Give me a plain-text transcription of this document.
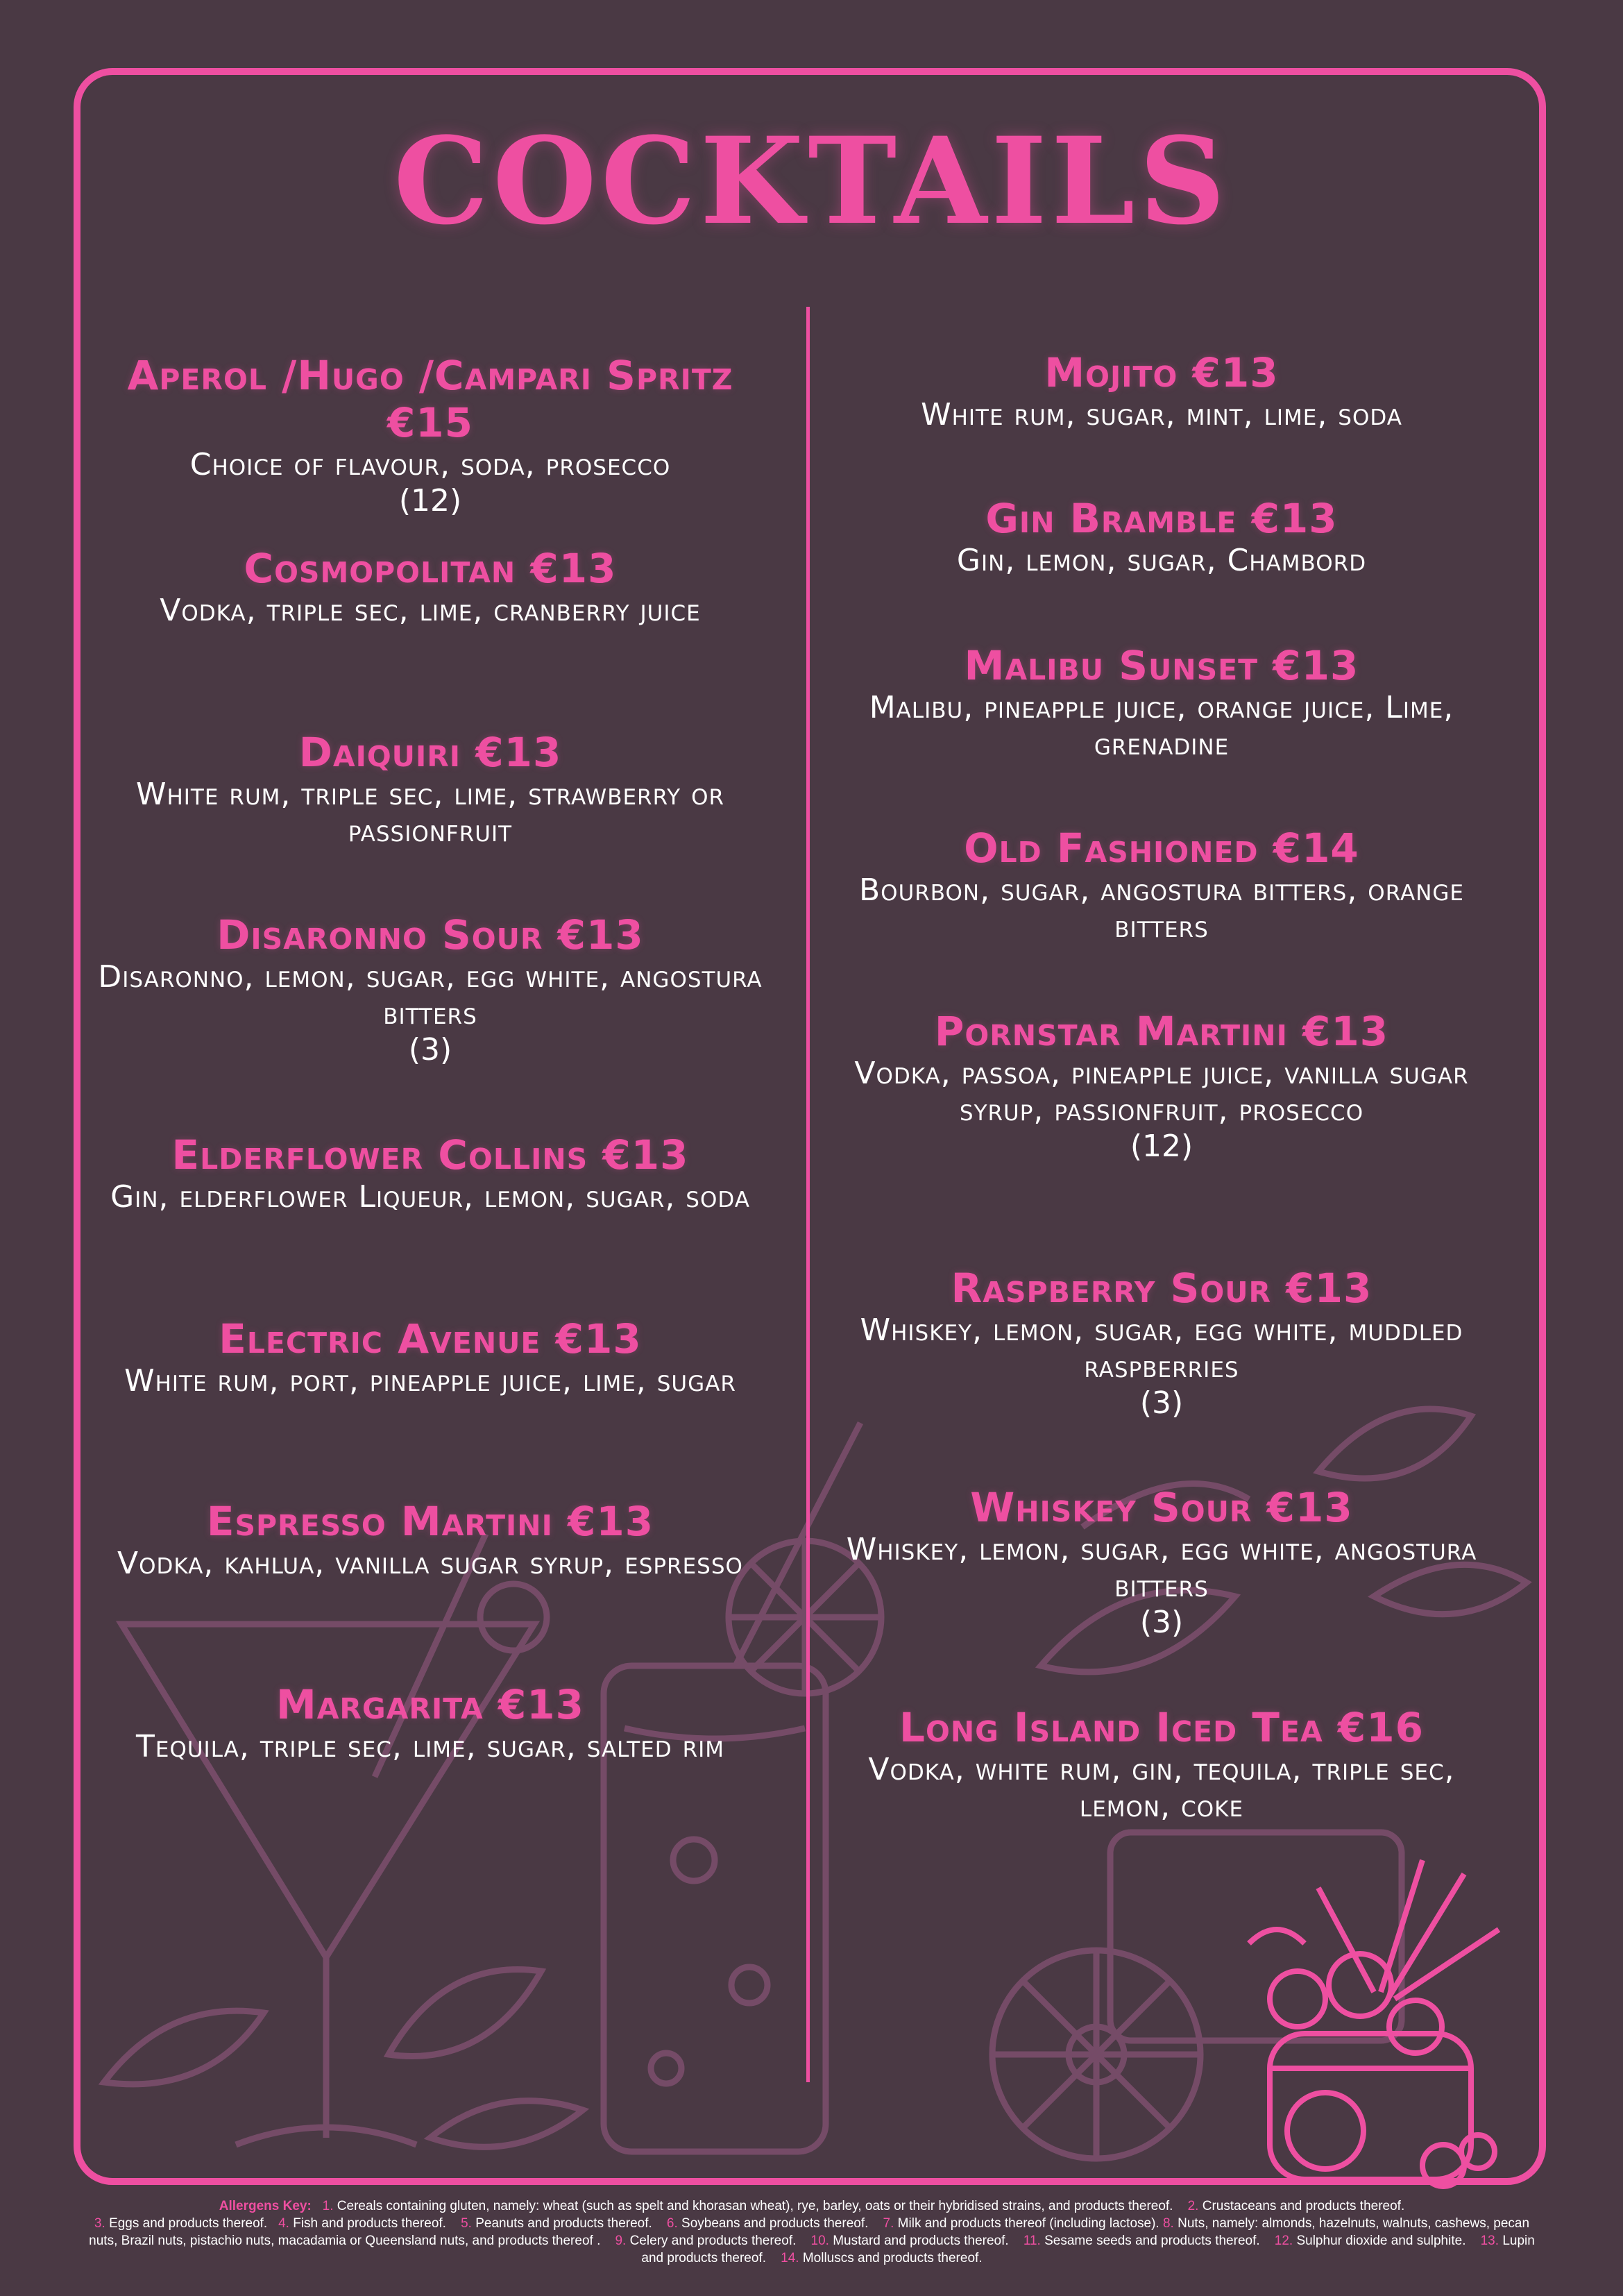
COCKTAILS
Aperol /Hugo /Campari Spritz €15
Choice of flavour, soda, prosecco
(12)
Cosmopolitan €13
Vodka, triple sec, lime, cranberry juice
Daiquiri €13
White rum, triple sec, lime, strawberry or passionfruit
Disaronno Sour €13
Disaronno, lemon, sugar, egg white, angostura bitters
(3)
Elderflower Collins €13
Gin, elderflower Liqueur, lemon, sugar, soda
Electric Avenue €13
White rum, port, pineapple juice, lime, sugar
Espresso Martini €13
Vodka, kahlua, vanilla sugar syrup, espresso
Margarita €13
Tequila, triple sec, lime, sugar, salted rim
Mojito €13
White rum, sugar, mint, lime, soda
Gin Bramble €13
Gin, lemon, sugar, Chambord
Malibu Sunset €13
Malibu, pineapple juice, orange juice, Lime, grenadine
Old Fashioned €14
Bourbon, sugar, angostura bitters, orange bitters
Pornstar Martini €13
Vodka, passoa, pineapple juice, vanilla sugar syrup, passionfruit, prosecco
(12)
Raspberry Sour €13
Whiskey, lemon, sugar, egg white, muddled raspberries
(3)
Whiskey Sour €13
Whiskey, lemon, sugar, egg white, angostura bitters
(3)
Long Island Iced Tea €16
Vodka, white rum, gin, tequila, triple sec, lemon, coke
Allergens Key: 1. Cereals containing gluten, namely: wheat (such as spelt and khorasan wheat), rye, barley, oats or their hybridised strains, and products thereof. 2. Crustaceans and products thereof.
3. Eggs and products thereof. 4. Fish and products thereof. 5. Peanuts and products thereof. 6. Soybeans and products thereof. 7. Milk and products thereof (including lactose). 8. Nuts, namely: almonds, hazelnuts, walnuts, cashews, pecan nuts, Brazil nuts, pistachio nuts, macadamia or Queensland nuts, and products thereof . 9. Celery and products thereof. 10. Mustard and products thereof. 11. Sesame seeds and products thereof. 12. Sulphur dioxide and sulphite. 13. Lupin and products thereof. 14. Molluscs and products thereof.
